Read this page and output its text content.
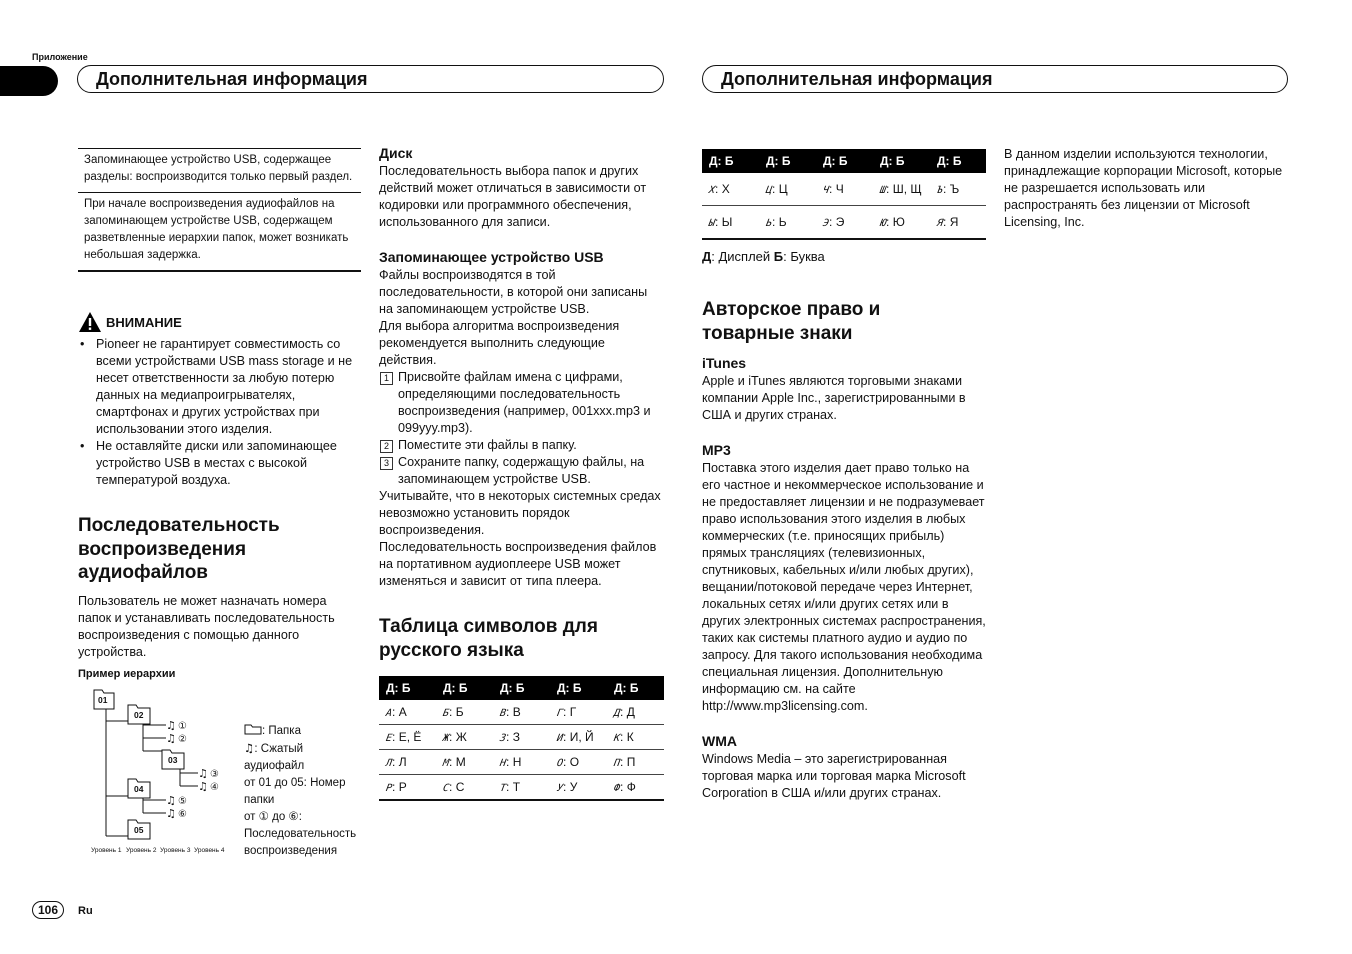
Приложение
Дополнительная информация	Дополнительная информация
Запоминающее устройство USB, содержащее разделы: воспроизводится только первый раздел.
При начале воспроизведения аудиофайлов на запоминающем устройстве USB, содержащем разветвленные иерархии папок, может возникать небольшая задержка.
ВНИМАНИЕ
• Pioneer не гарантирует совместимость со всеми устройствами USB mass storage и не несет ответственности за любую потерю данных на медиапроигрывателях, смартфонах и других устройствах при использовании этого изделия.
• Не оставляйте диски или запоминающее устройство USB в местах с высокой температурой воздуха.
Последовательность воспроизведения аудиофайлов
Пользователь не может назначать номера папок и устанавливать последовательность воспроизведения с помощью данного устройства.
Пример иерархии
01
02
03
04
05
♫ ①
♫ ②
♫ ③
♫ ④
♫ ⑤
♫ ⑥
Уровень 1 Уровень 2 Уровень 3 Уровень 4
: Папка
♫: Сжатый аудиофайл
от 01 до 05: Номер папки
от ① до ⑥: Последовательность воспроизведения
Диск
Последовательность выбора папок и других действий может отличаться в зависимости от кодировки или программного обеспечения, использованного для записи.
Запоминающее устройство USB
Файлы воспроизводятся в той последовательности, в которой они записаны на запоминающем устройстве USB.
Для выбора алгоритма воспроизведения рекомендуется выполнить следующие действия.
1 Присвойте файлам имена с цифрами, определяющими последовательность воспроизведения (например, 001xxx.mp3 и 099yyy.mp3).
2 Поместите эти файлы в папку.
3 Сохраните папку, содержащую файлы, на запоминающем устройстве USB.
Учитывайте, что в некоторых системных средах невозможно установить порядок воспроизведения.
Последовательность воспроизведения файлов на портативном аудиоплеере USB может изменяться и зависит от типа плеера.
Таблица символов для русского языка
Д: Б	Д: Б	Д: Б	Д: Б	Д: Б
A: А	Б: Б	B: В	Г: Г	Д: Д
E: Е, Ё	Ж: Ж	З: З	И: И, Й	K: К
Л: Л	M: М	H: Н	O: О	П: П
P: Р	C: С	T: Т	У: У	Ф: Ф
Д: Б	Д: Б	Д: Б	Д: Б	Д: Б
X: Х	Ц: Ц	Ч: Ч	Ш: Ш, Щ	Ъ: Ъ
Ы: Ы	Ь: Ь	Э: Э	Ю: Ю	Я: Я
Д: Дисплей Б: Буква
Авторское право и товарные знаки
iTunes
Apple и iTunes являются торговыми знаками компании Apple Inc., зарегистрированными в США и других странах.
MP3
Поставка этого изделия дает право только на его частное и некоммерческое использование и не предоставляет лицензии и не подразумевает право использования этого изделия в любых коммерческих (т.е. приносящих прибыль) прямых трансляциях (телевизионных, спутниковых, кабельных и/или любых других), вещании/потоковой передаче через Интернет, локальных сетях и/или других сетях или в других электронных системах распространения, таких как системы платного аудио и аудио по запросу. Для такого использования необходима специальная лицензия. Дополнительную информацию см. на сайте
http://www.mp3licensing.com.
WMA
Windows Media – это зарегистрированная торговая марка или торговая марка Microsoft Corporation в США и/или других странах.
В данном изделии используются технологии, принадлежащие корпорации Microsoft, которые не разрешается использовать или распространять без лицензии от Microsoft Licensing, Inc.
106	Ru
